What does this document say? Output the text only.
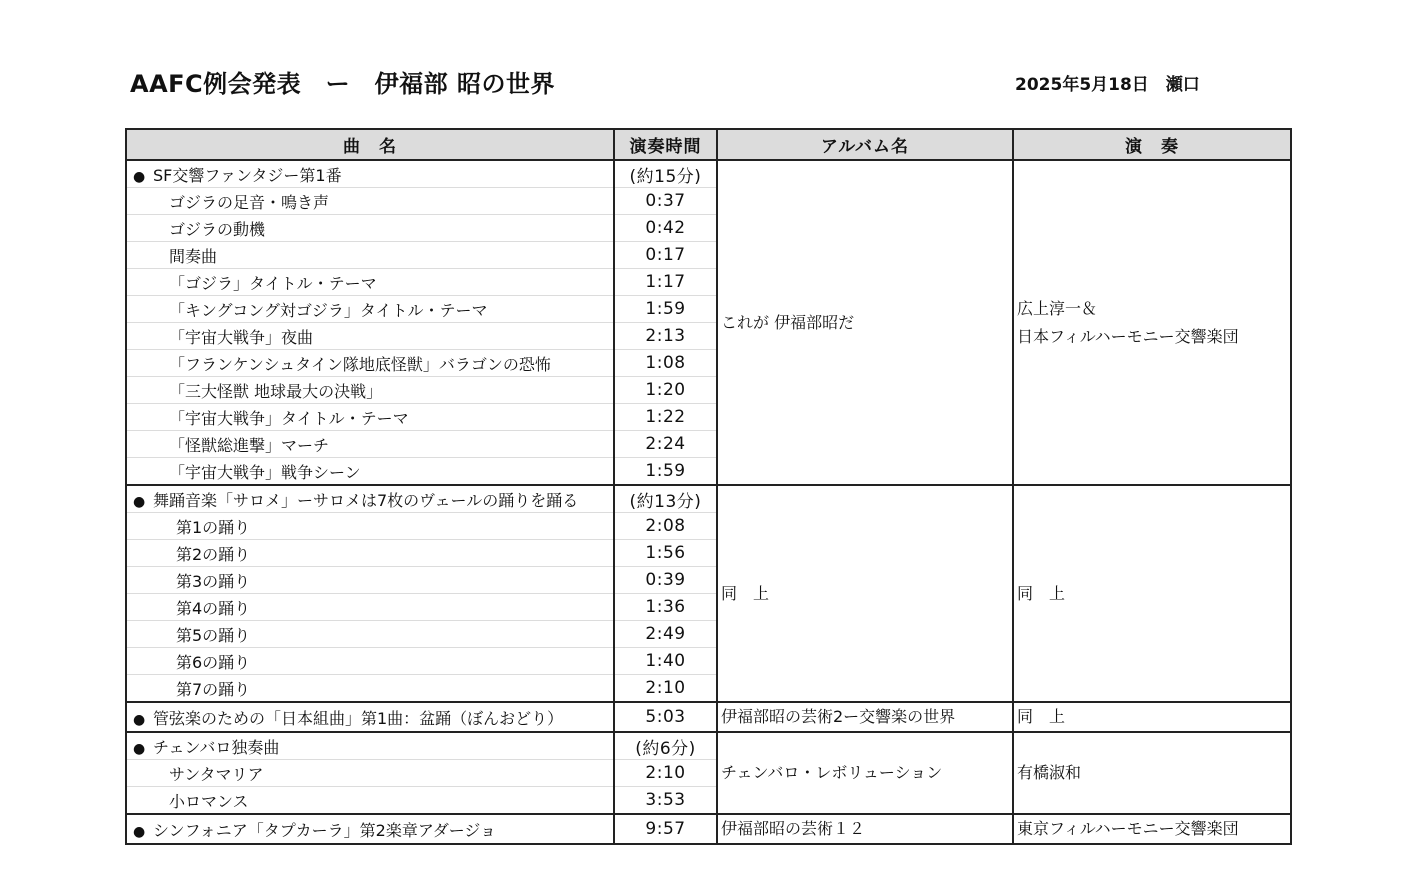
AAFC例会発表　ー　伊福部 昭の世界	2025年5月18日　瀬口
曲　名	演奏時間	アルバム名	演　奏
● SF交響ファンタジー第1番	(約15分)	これが 伊福部昭だ	広上淳一＆
日本フィルハーモニー交響楽団

ゴジラの足音・鳴き声	0:37		
ゴジラの動機	0:42		
間奏曲	0:17		
「ゴジラ」タイトル・テーマ	1:17		
「キングコング対ゴジラ」タイトル・テーマ	1:59		
「宇宙大戦争」夜曲	2:13		
「フランケンシュタイン隊地底怪獣」バラゴンの恐怖	1:08		
「三大怪獣 地球最大の決戦」	1:20		
「宇宙大戦争」タイトル・テーマ	1:22		
「怪獣総進撃」マーチ	2:24		
「宇宙大戦争」戦争シーン	1:59		
● 舞踊音楽「サロメ」ーサロメは7枚のヴェールの踊りを踊る	(約13分)	同　上	同　上

第1の踊り	2:08		
第2の踊り	1:56		
第3の踊り	0:39		
第4の踊り	1:36		
第5の踊り	2:49		
第6の踊り	1:40		
第7の踊り	2:10		
● 管弦楽のための「日本組曲」第1曲：盆踊（ぼんおどり）	5:03	伊福部昭の芸術2ー交響楽の世界	同　上

● チェンバロ独奏曲	(約6分)	チェンバロ・レボリューション	有橋淑和

サンタマリア	2:10		
小ロマンス	3:53		
● シンフォニア「タプカーラ」第2楽章アダージョ	9:57	伊福部昭の芸術１２	東京フィルハーモニー交響楽団
